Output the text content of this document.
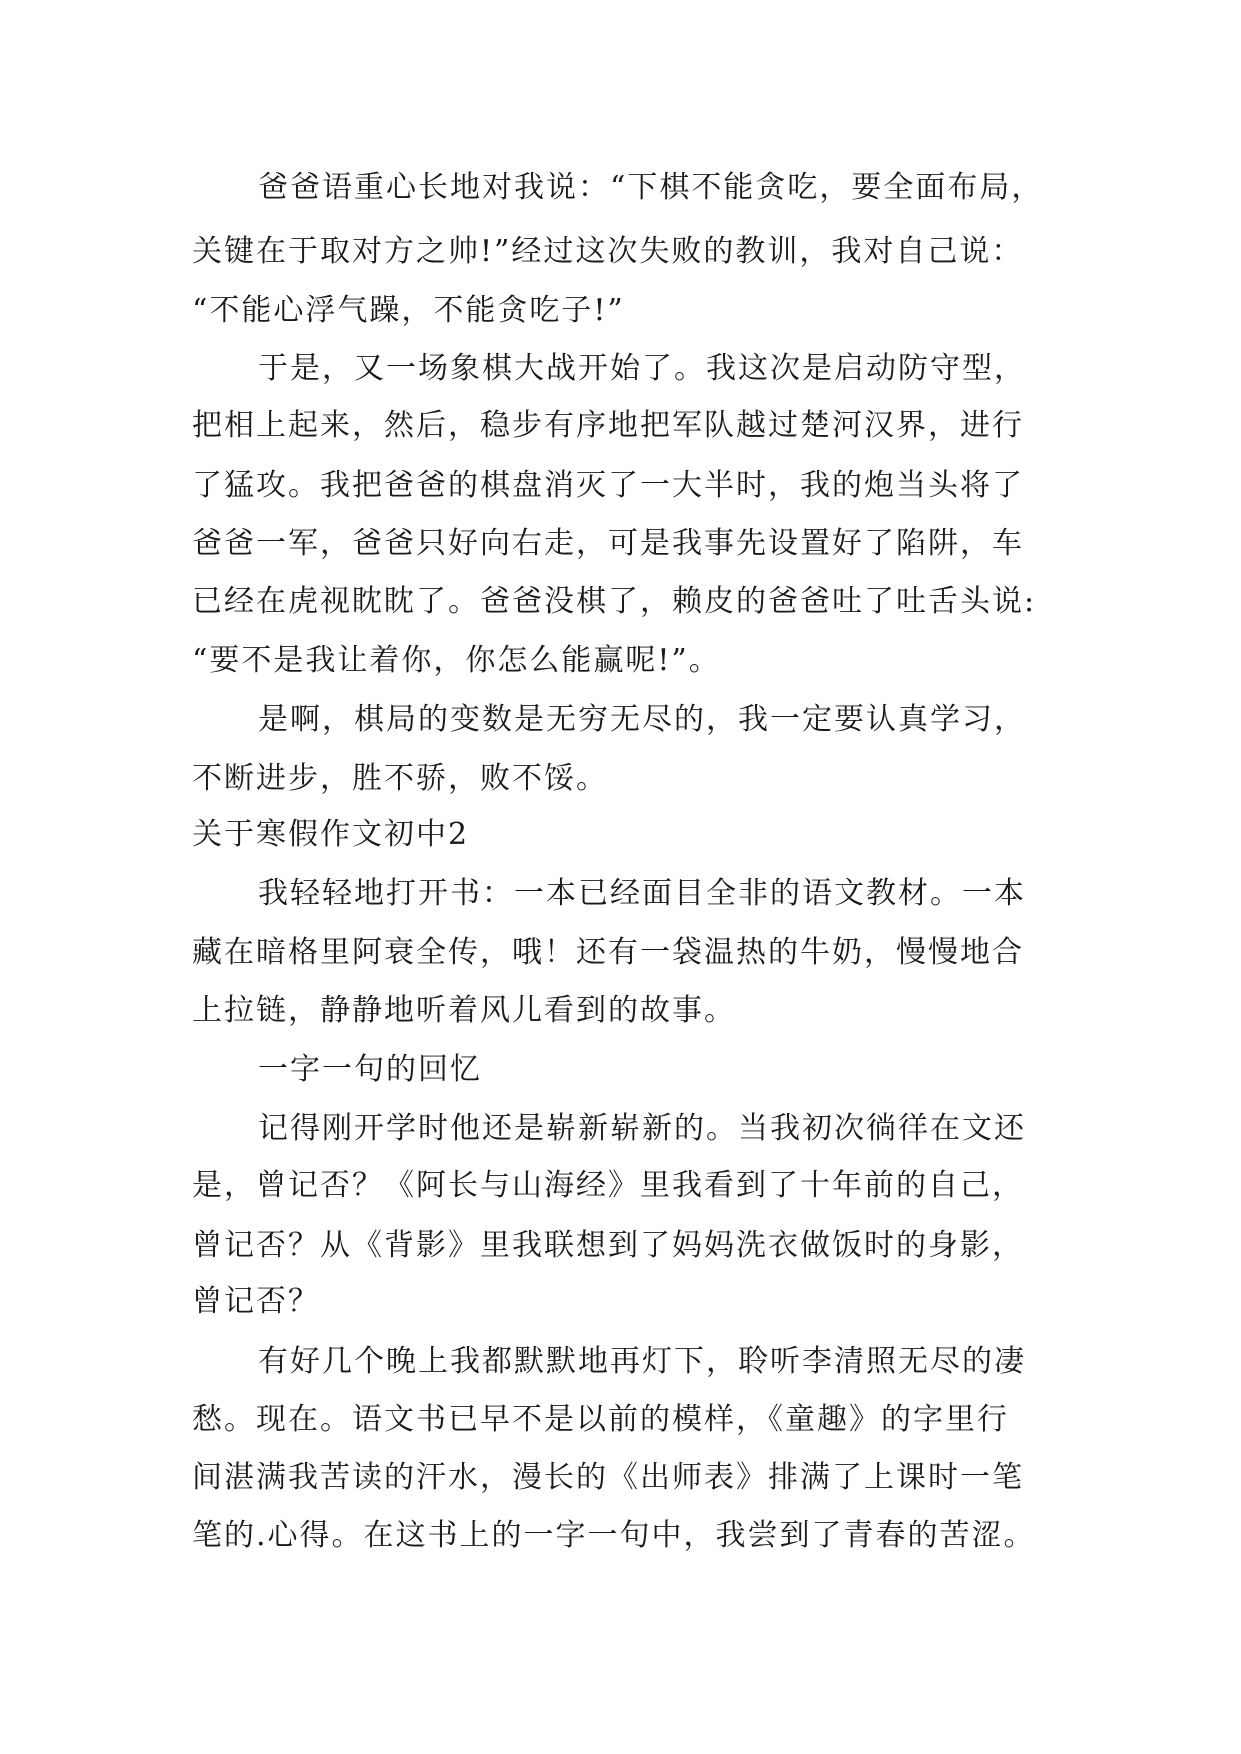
爸爸语重心长地对我说：“下棋不能贪吃，要全面布局，
关键在于取对方之帅!”经过这次失败的教训，我对自己说：
“不能心浮气躁，不能贪吃子!”
于是，又一场象棋大战开始了。我这次是启动防守型，
把相上起来，然后，稳步有序地把军队越过楚河汉界，进行
了猛攻。我把爸爸的棋盘消灭了一大半时，我的炮当头将了
爸爸一军，爸爸只好向右走，可是我事先设置好了陷阱，车
已经在虎视眈眈了。爸爸没棋了，赖皮的爸爸吐了吐舌头说:
“要不是我让着你，你怎么能赢呢!”。
是啊，棋局的变数是无穷无尽的，我一定要认真学习，
不断进步，胜不骄，败不馁。
关于寒假作文初中2
我轻轻地打开书：一本已经面目全非的语文教材。一本
藏在暗格里阿衰全传，哦！还有一袋温热的牛奶，慢慢地合
上拉链，静静地听着风儿看到的故事。
一字一句的回忆
记得刚开学时他还是崭新崭新的。当我初次徜徉在文还
是，曾记否？《阿长与山海经》里我看到了十年前的自己，
曾记否？从《背影》里我联想到了妈妈洗衣做饭时的身影，
曾记否？
有好几个晚上我都默默地再灯下，聆听李清照无尽的凄
愁。现在。语文书已早不是以前的模样，《童趣》的字里行
间湛满我苦读的汗水，漫长的《出师表》排满了上课时一笔
笔的.心得。在这书上的一字一句中，我尝到了青春的苦涩。
